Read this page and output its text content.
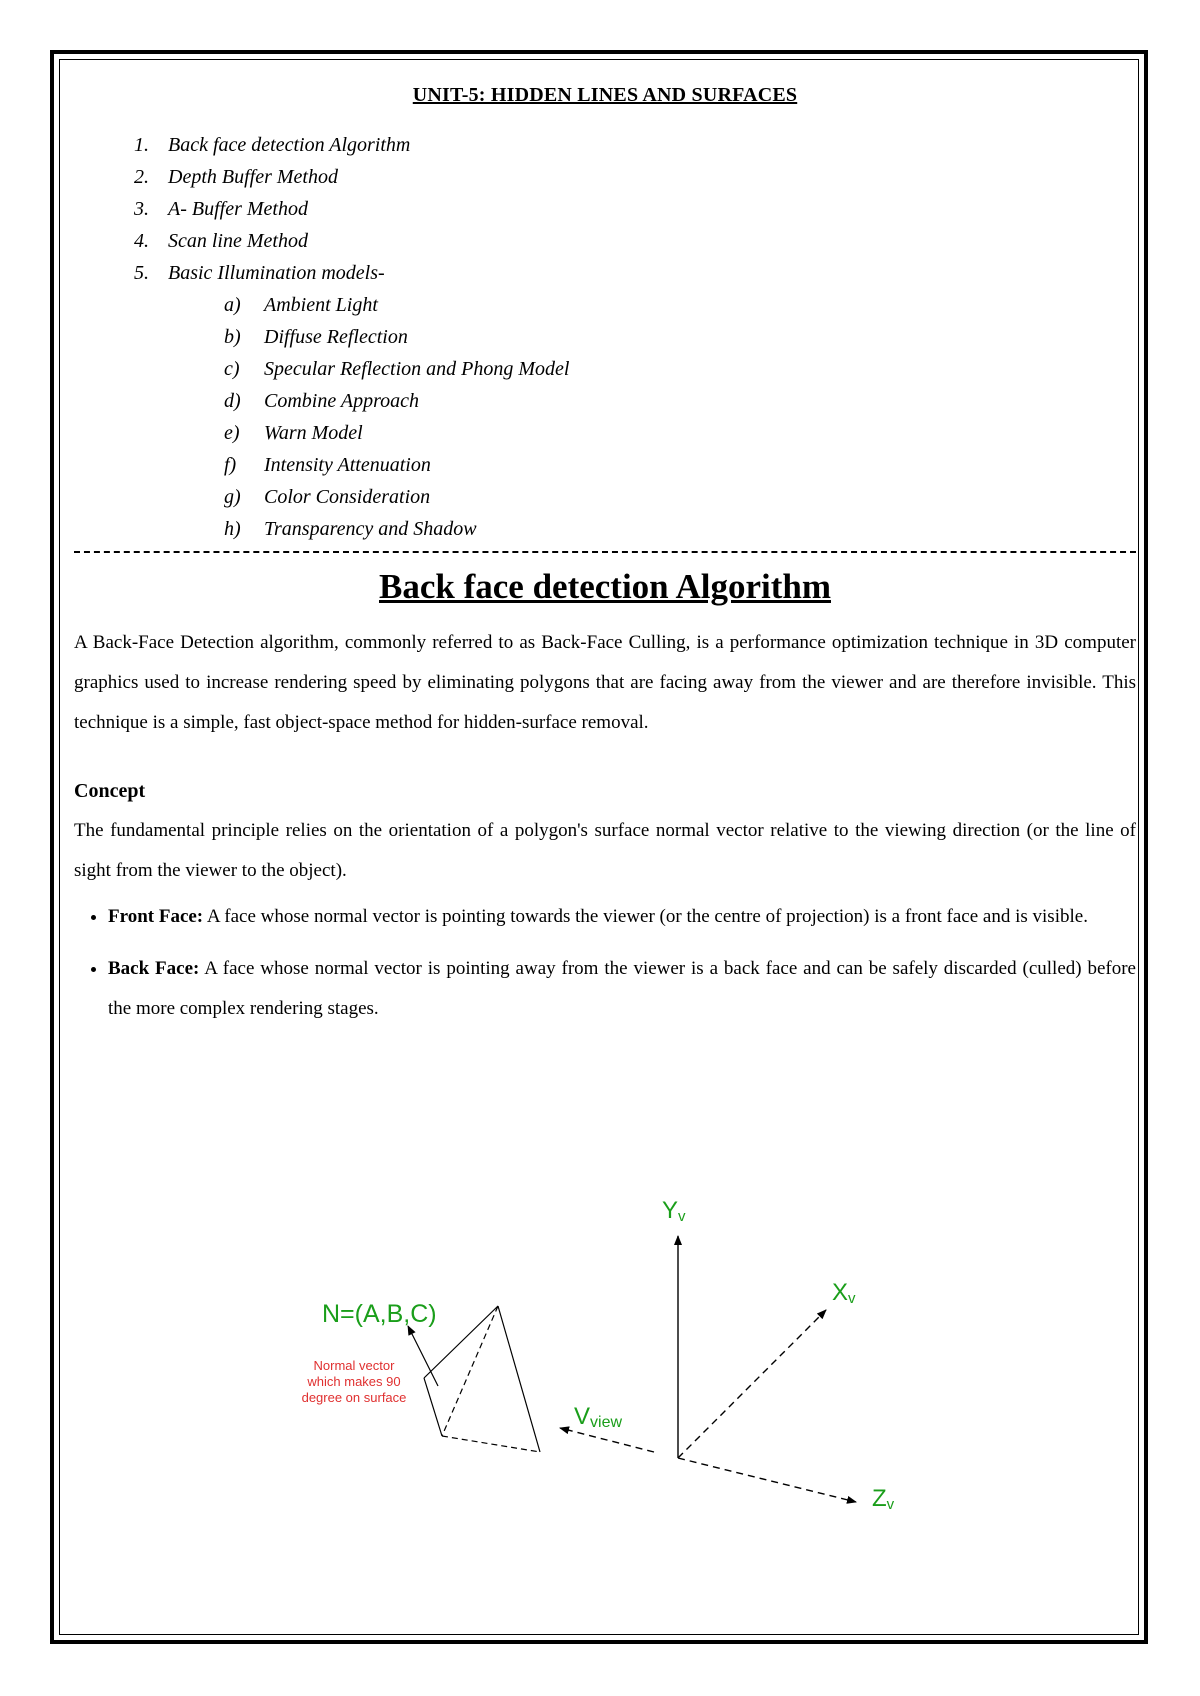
UNIT-5: HIDDEN LINES AND SURFACES

1. Back face detection Algorithm
2. Depth Buffer Method
3. A- Buffer Method
4. Scan line Method
5. Basic Illumination models-
a) Ambient Light
b) Diffuse Reflection
c) Specular Reflection and Phong Model
d) Combine Approach
e) Warn Model
f) Intensity Attenuation
g) Color Consideration
h) Transparency and Shadow
Back face detection Algorithm

A Back-Face Detection algorithm, commonly referred to as Back-Face Culling, is a performance optimization technique in 3D computer graphics used to increase rendering speed by eliminating polygons that are facing away from the viewer and are therefore invisible. This technique is a simple, fast object-space method for hidden-surface removal.

Concept

The fundamental principle relies on the orientation of a polygon's surface normal vector relative to the viewing direction (or the line of sight from the viewer to the object).

• Front Face: A face whose normal vector is pointing towards the viewer (or the centre of projection) is a front face and is visible.
• Back Face: A face whose normal vector is pointing away from the viewer is a back face and can be safely discarded (culled) before the more complex rendering stages.
N=(A,B,C)
Normal vector
which makes 90
degree on surface
Yv
Xv
Zv
Vview
